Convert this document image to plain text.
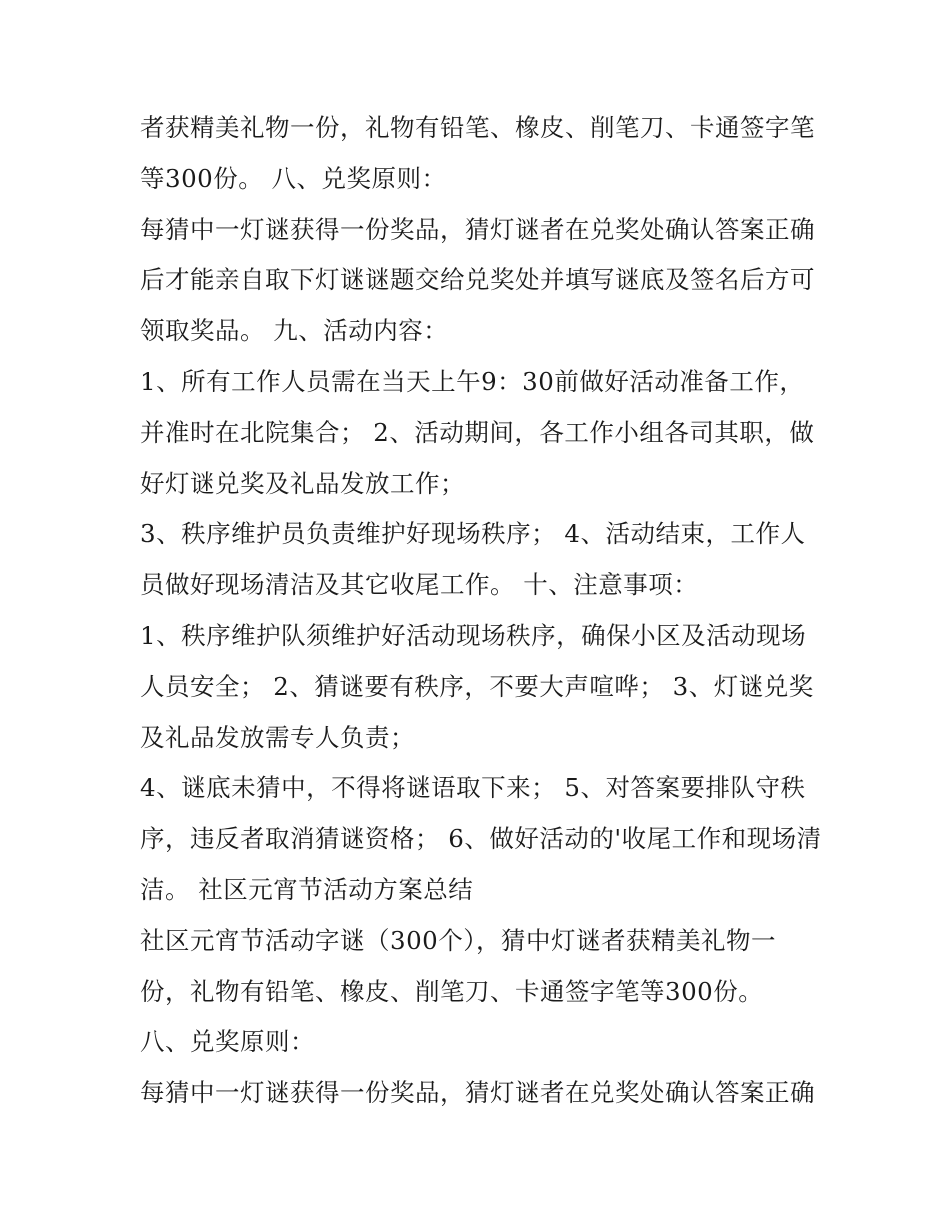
者获精美礼物一份，礼物有铅笔、橡皮、削笔刀、卡通签字笔
等300份。 八、兑奖原则：
每猜中一灯谜获得一份奖品，猜灯谜者在兑奖处确认答案正确
后才能亲自取下灯谜谜题交给兑奖处并填写谜底及签名后方可
领取奖品。 九、活动内容：
1、所有工作人员需在当天上午9：30前做好活动准备工作，
并准时在北院集合； 2、活动期间，各工作小组各司其职，做
好灯谜兑奖及礼品发放工作；
3、秩序维护员负责维护好现场秩序； 4、活动结束，工作人
员做好现场清洁及其它收尾工作。 十、注意事项：
1、秩序维护队须维护好活动现场秩序，确保小区及活动现场
人员安全； 2、猜谜要有秩序，不要大声喧哗； 3、灯谜兑奖
及礼品发放需专人负责；
4、谜底未猜中，不得将谜语取下来； 5、对答案要排队守秩
序，违反者取消猜谜资格； 6、做好活动的'收尾工作和现场清
洁。 社区元宵节活动方案总结
社区元宵节活动字谜（300个），猜中灯谜者获精美礼物一
份，礼物有铅笔、橡皮、削笔刀、卡通签字笔等300份。
八、兑奖原则：
每猜中一灯谜获得一份奖品，猜灯谜者在兑奖处确认答案正确
